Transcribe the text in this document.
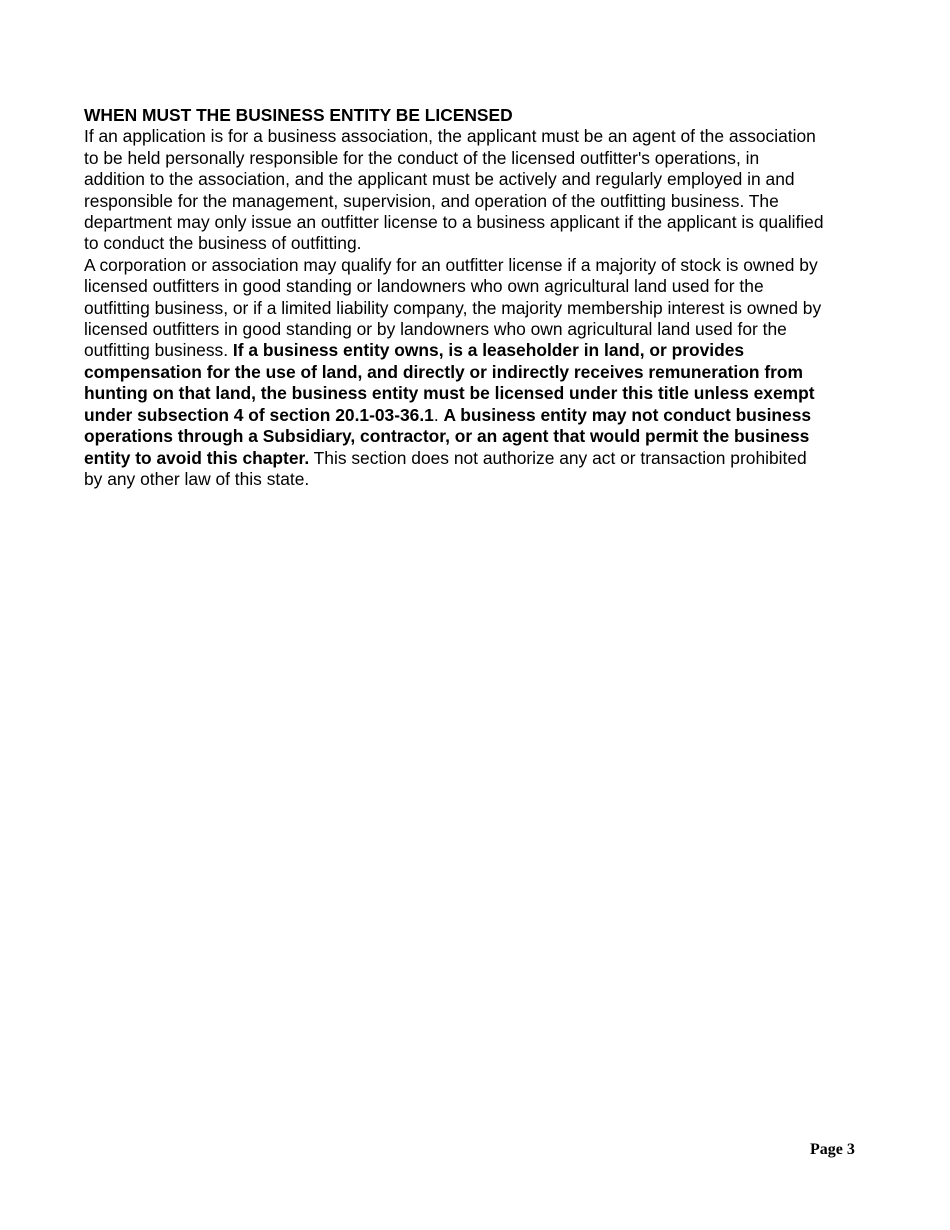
WHEN MUST THE BUSINESS ENTITY BE LICENSED

If an application is for a business association, the applicant must be an agent of the association to be held personally responsible for the conduct of the licensed outfitter's operations, in addition to the association, and the applicant must be actively and regularly employed in and responsible for the management, supervision, and operation of the outfitting business. The department may only issue an outfitter license to a business applicant if the applicant is qualified to conduct the business of outfitting.

A corporation or association may qualify for an outfitter license if a majority of stock is owned by licensed outfitters in good standing or landowners who own agricultural land used for the outfitting business, or if a limited liability company, the majority membership interest is owned by licensed outfitters in good standing or by landowners who own agricultural land used for the outfitting business. If a business entity owns, is a leaseholder in land, or provides compensation for the use of land, and directly or indirectly receives remuneration from hunting on that land, the business entity must be licensed under this title unless exempt under subsection 4 of section 20.1-03-36.1. A business entity may not conduct business operations through a Subsidiary, contractor, or an agent that would permit the business entity to avoid this chapter. This section does not authorize any act or transaction prohibited by any other law of this state.

Page 3
